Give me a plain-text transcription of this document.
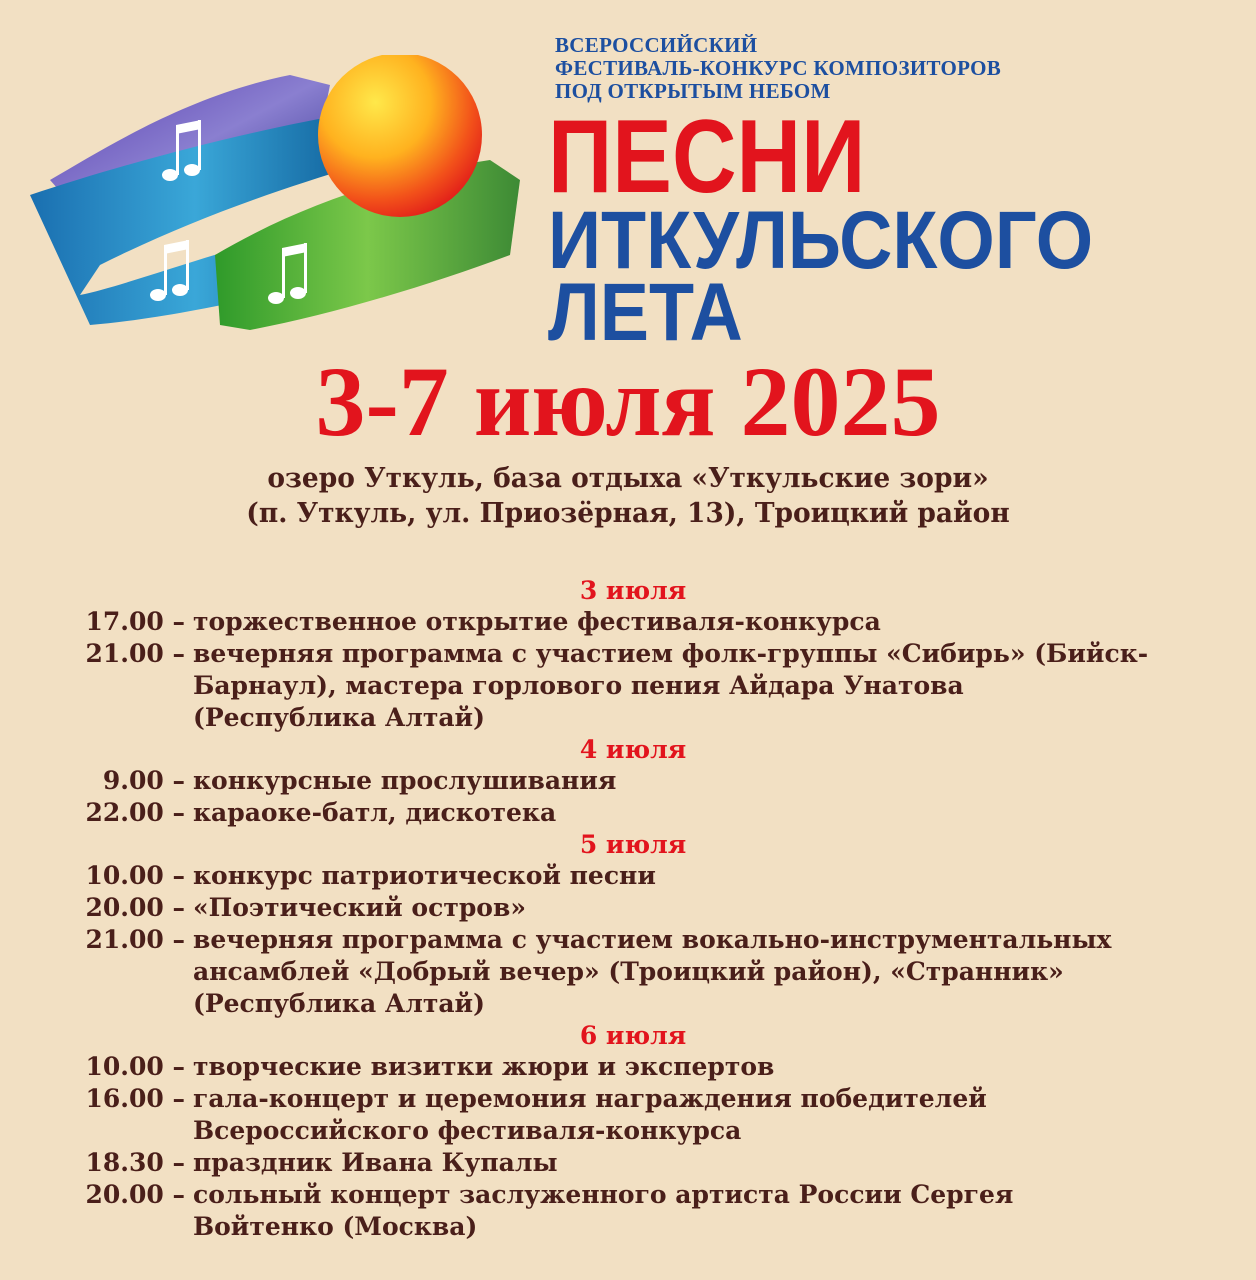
ВСЕРОССИЙСКИЙ
ФЕСТИВАЛЬ-КОНКУРС КОМПОЗИТОРОВ
ПОД ОТКРЫТЫМ НЕБОМ
ПЕСНИ
ИТКУЛЬСКОГО
ЛЕТА
3-7 июля 2025
озеро Уткуль, база отдыха «Уткульские зори»
(п. Уткуль, ул. Приозёрная, 13), Троицкий район
3 июля
17.00 – торжественное открытие фестиваля-конкурса
21.00 – вечерняя программа с участием фолк-группы «Сибирь» (Бийск-Барнаул), мастера горлового пения Айдара Унатова (Республика Алтай)
4 июля
9.00 – конкурсные прослушивания
22.00 – караоке-батл, дискотека
5 июля
10.00 – конкурс патриотической песни
20.00 – «Поэтический остров»
21.00 – вечерняя программа с участием вокально-инструментальных ансамблей «Добрый вечер» (Троицкий район), «Странник» (Республика Алтай)
6 июля
10.00 – творческие визитки жюри и экспертов
16.00 – гала-концерт и церемония награждения победителей Всероссийского фестиваля-конкурса
18.30 – праздник Ивана Купалы
20.00 – сольный концерт заслуженного артиста России Сергея Войтенко (Москва)
